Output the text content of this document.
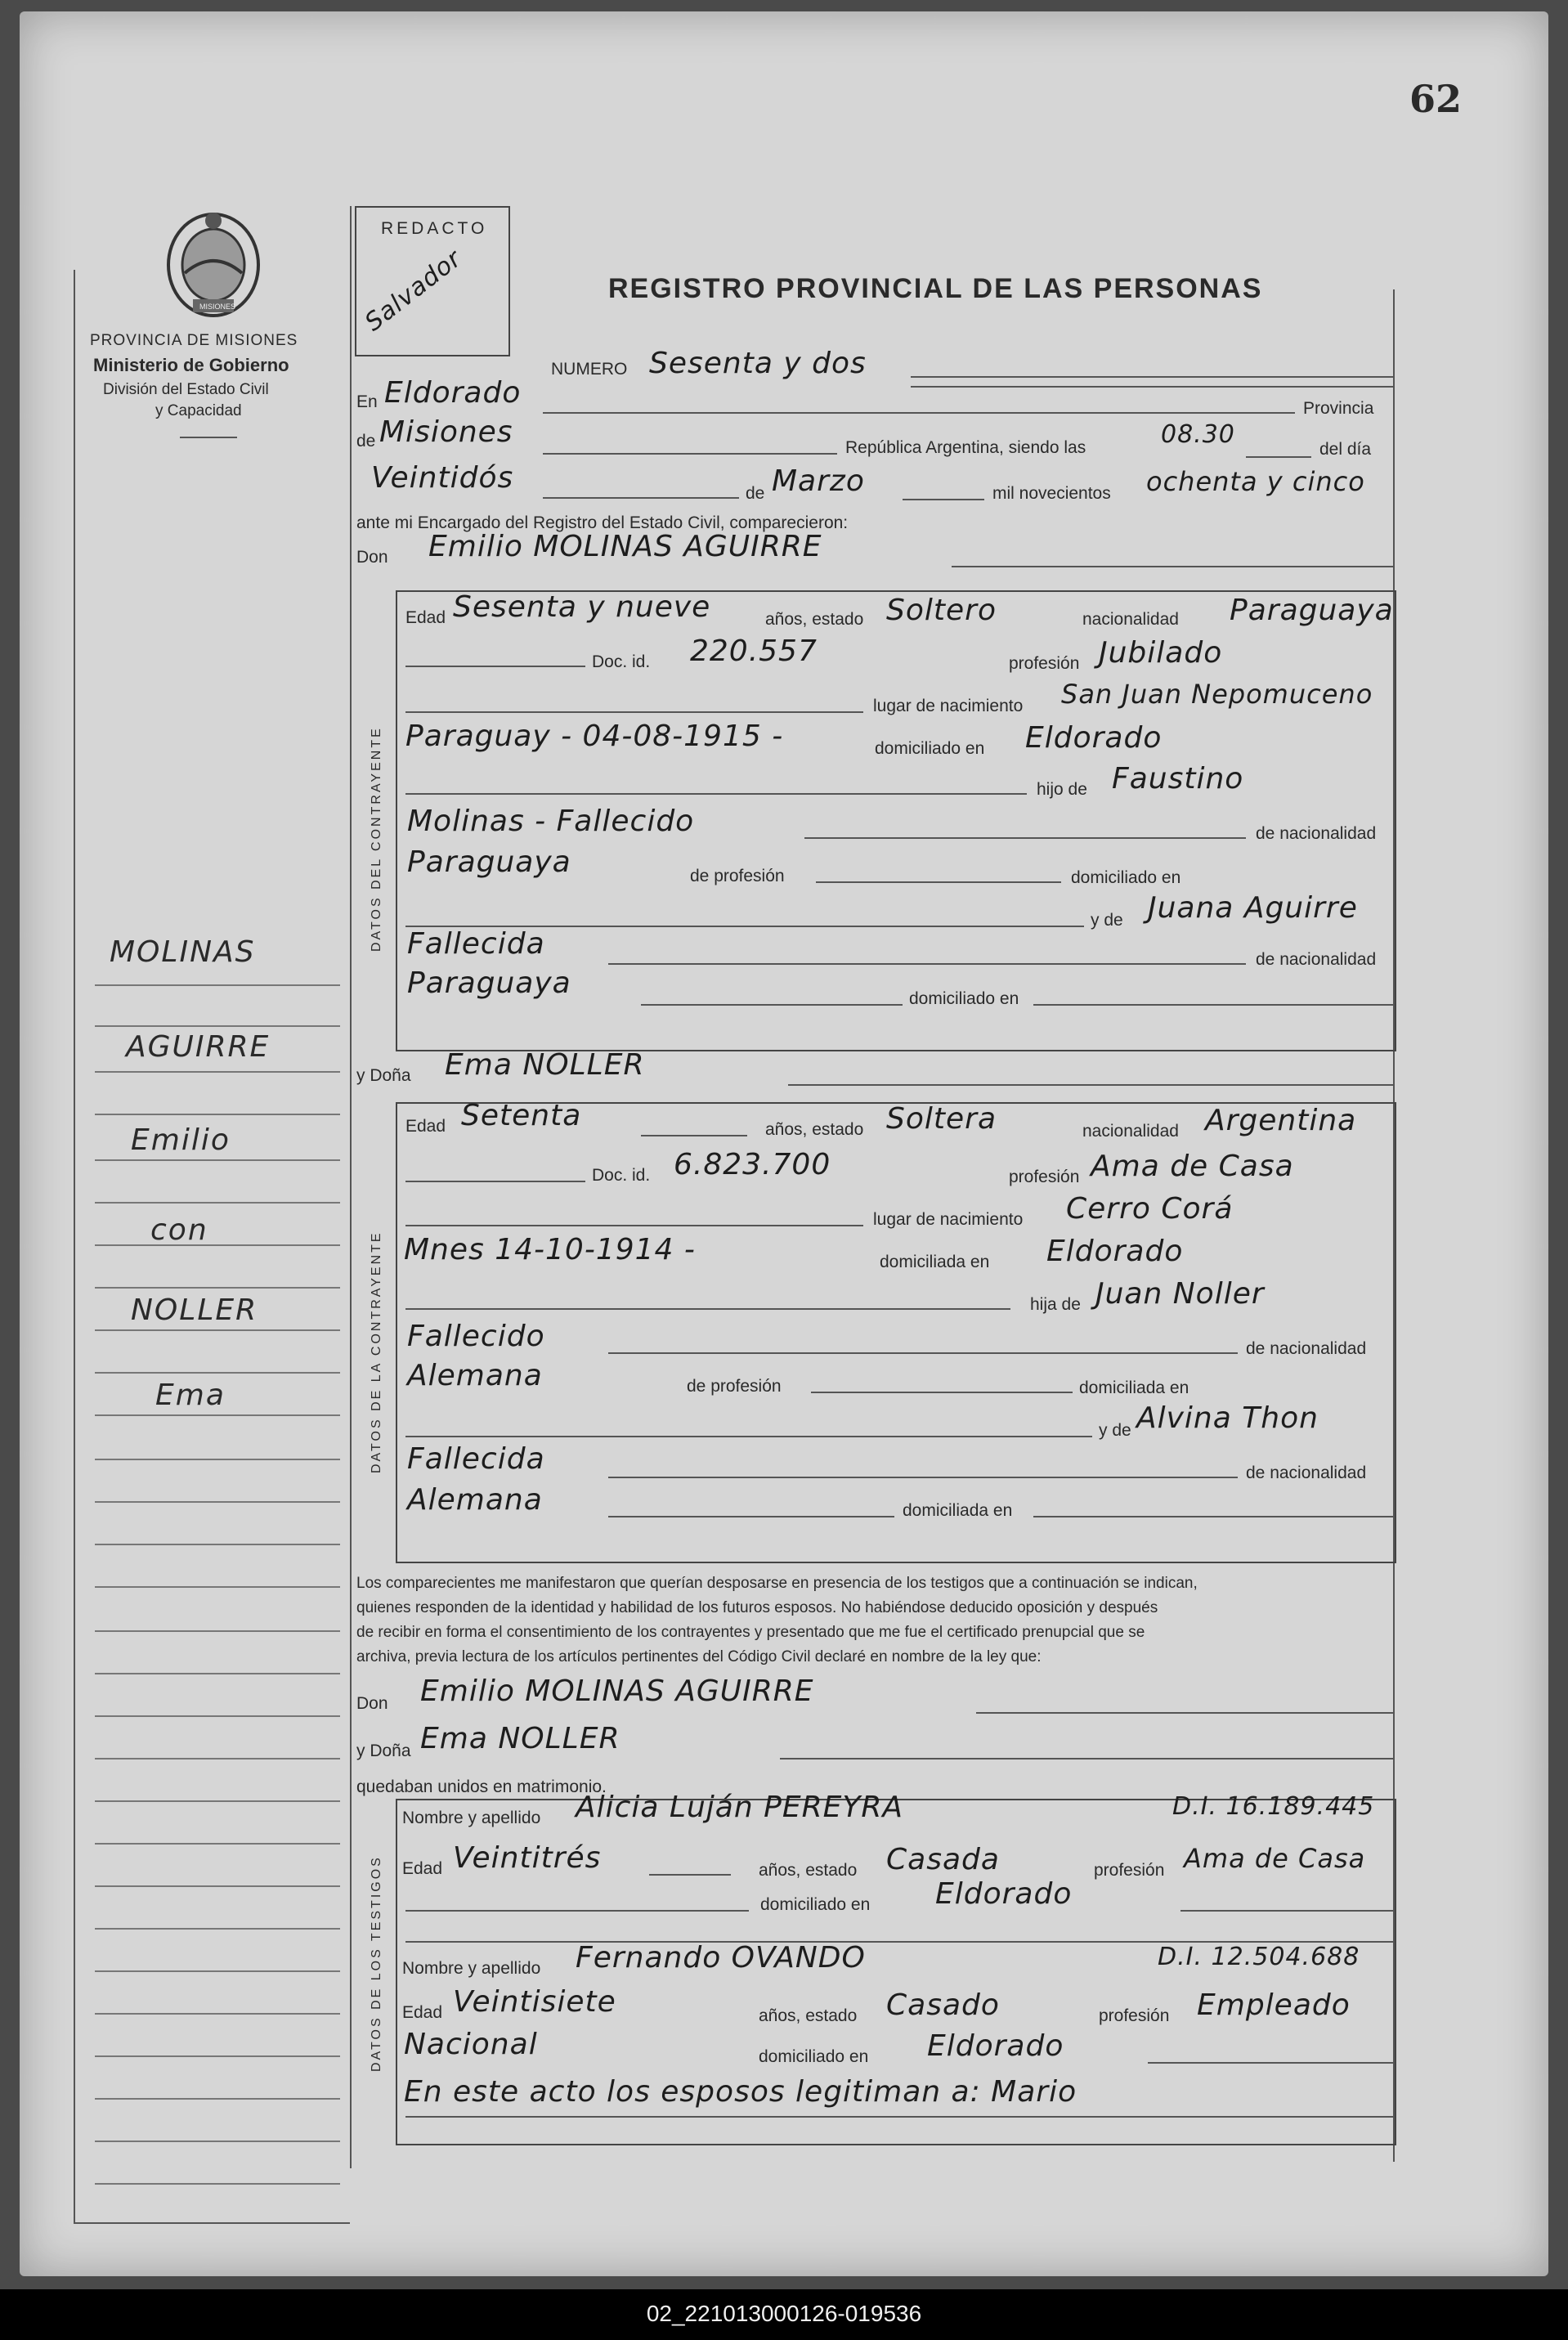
62
MISIONES
PROVINCIA DE MISIONES
Ministerio de Gobierno
División del Estado Civil
y Capacidad
REDACTO
Salvador	REGISTRO PROVINCIAL DE LAS PERSONAS
MOLINAS
AGUIRRE
Emilio
con
NOLLER
Ema
NUMERO Sesenta y dos
En Eldorado	Provincia
de Misiones	República Argentina, siendo las	08.30
del día
Veintidós	de Marzo	mil novecientos ochenta y cinco
ante mi Encargado del Registro del Estado Civil, comparecieron:
Don Emilio MOLINAS AGUIRRE
DATOS DEL CONTRAYENTE
Edad Sesenta y nueve	años, estado Soltero	nacionalidad Paraguaya
Doc. id. 220.557	profesión Jubilado
lugar de nacimiento San Juan Nepomuceno
Paraguay - 04-08-1915 -	domiciliado en Eldorado
hijo de Faustino
Molinas - Fallecido	de nacionalidad
Paraguaya	de profesión	domiciliado en
y de Juana Aguirre
Fallecida	de nacionalidad
Paraguaya	domiciliado en
y Doña Ema NOLLER
DATOS DE LA CONTRAYENTE
Edad Setenta	años, estado Soltera	nacionalidad Argentina
Doc. id. 6.823.700	profesión Ama de Casa
lugar de nacimiento Cerro Corá
Mnes 14-10-1914 -	domiciliada en Eldorado
hija de Juan Noller
Fallecido	de nacionalidad
Alemana	de profesión	domiciliada en
y de Alvina Thon
Fallecida	de nacionalidad
Alemana	domiciliada en
Los comparecientes me manifestaron que querían desposarse en presencia de los testigos que a continuación se indican,
quienes responden de la identidad y habilidad de los futuros esposos. No habiéndose deducido oposición y después
de recibir en forma el consentimiento de los contrayentes y presentado que me fue el certificado prenupcial que se
archiva, previa lectura de los artículos pertinentes del Código Civil declaré en nombre de la ley que:
Don Emilio MOLINAS AGUIRRE
y Doña Ema NOLLER
quedaban unidos en matrimonio.
DATOS DE LOS TESTIGOS
Nombre y apellido Alicia Luján PEREYRA	D.I. 16.189.445
Edad Veintitrés	años, estado Casada	profesión Ama de Casa
domiciliado en Eldorado
Nombre y apellido Fernando OVANDO	D.I. 12.504.688
Edad Veintisiete	años, estado Casado	profesión Empleado
Nacional	domiciliado en Eldorado
En este acto los esposos legitiman a: Mario
02_221013000126-019536
